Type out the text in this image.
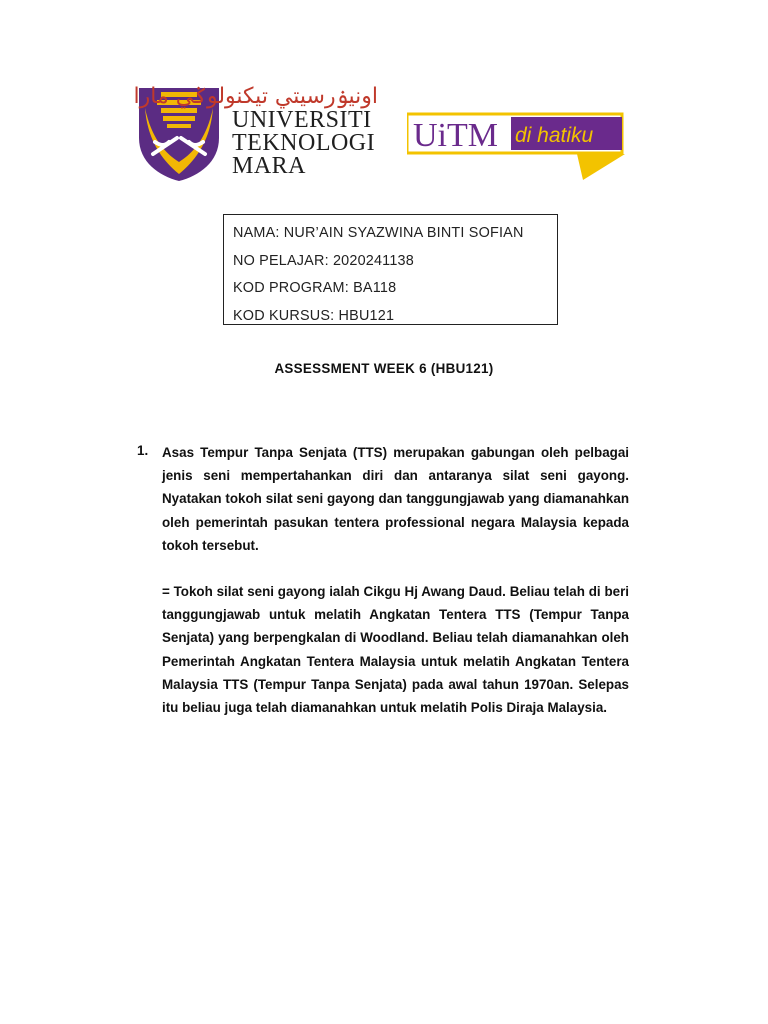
اونيۏرسيتي تيكنولوݢي مارا
UNIVERSITI
TEKNOLOGI
MARA
UiTM di hatiku
NAMA: NUR’AIN SYAZWINA BINTI SOFIAN
NO PELAJAR: 2020241138
KOD PROGRAM: BA118
KOD KURSUS: HBU121
ASSESSMENT WEEK 6 (HBU121)
1. Asas Tempur Tanpa Senjata (TTS) merupakan gabungan oleh pelbagai jenis seni mempertahankan diri dan antaranya silat seni gayong. Nyatakan tokoh silat seni gayong dan tanggungjawab yang diamanahkan oleh pemerintah pasukan tentera professional negara Malaysia kepada tokoh tersebut.
= Tokoh silat seni gayong ialah Cikgu Hj Awang Daud. Beliau telah di beri tanggungjawab untuk melatih Angkatan Tentera TTS (Tempur Tanpa Senjata) yang berpengkalan di Woodland. Beliau telah diamanahkan oleh Pemerintah Angkatan Tentera Malaysia untuk melatih Angkatan Tentera Malaysia TTS (Tempur Tanpa Senjata) pada awal tahun 1970an. Selepas itu beliau juga telah diamanahkan untuk melatih Polis Diraja Malaysia.
